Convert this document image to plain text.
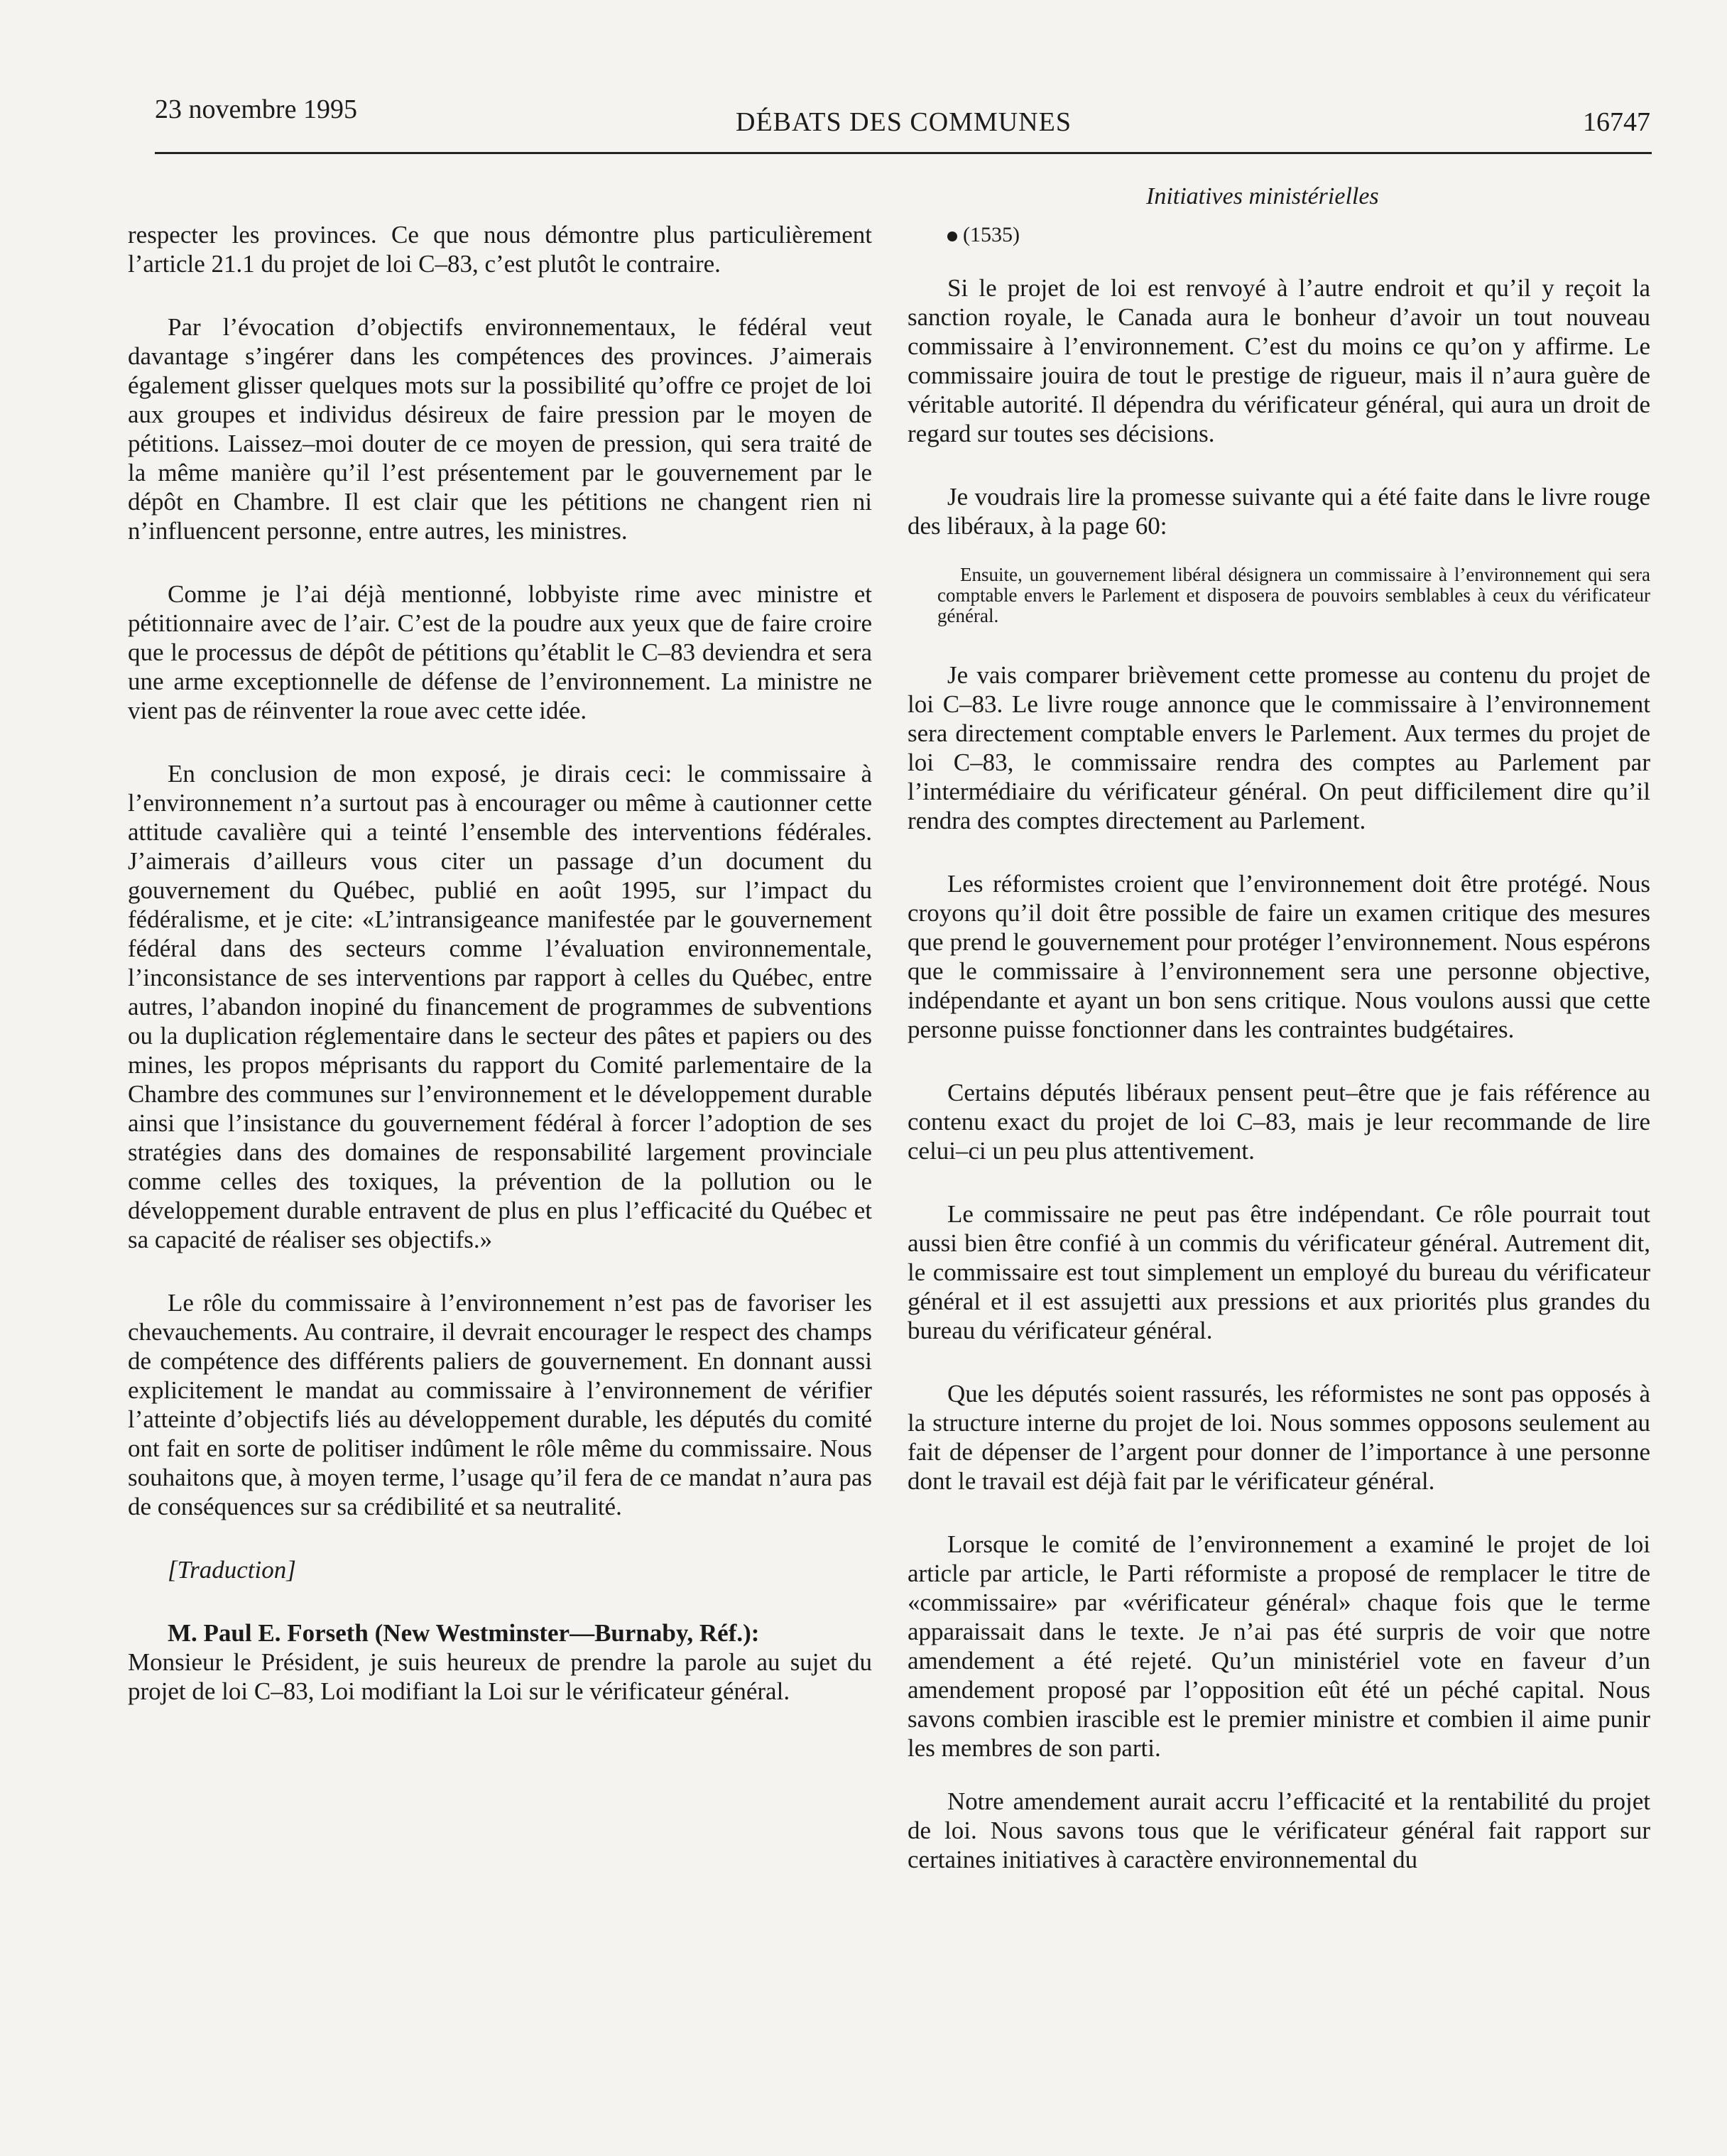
23 novembre 1995	DÉBATS DES COMMUNES	16747
Initiatives ministérielles

respecter les provinces. Ce que nous démontre plus particulièrement l’article 21.1 du projet de loi C–83, c’est plutôt le contraire.

Par l’évocation d’objectifs environnementaux, le fédéral veut davantage s’ingérer dans les compétences des provinces. J’aimerais également glisser quelques mots sur la possibilité qu’offre ce projet de loi aux groupes et individus désireux de faire pression par le moyen de pétitions. Laissez–moi douter de ce moyen de pression, qui sera traité de la même manière qu’il l’est présentement par le gouvernement par le dépôt en Chambre. Il est clair que les pétitions ne changent rien ni n’influencent personne, entre autres, les ministres.

Comme je l’ai déjà mentionné, lobbyiste rime avec ministre et pétitionnaire avec de l’air. C’est de la poudre aux yeux que de faire croire que le processus de dépôt de pétitions qu’établit le C–83 deviendra et sera une arme exceptionnelle de défense de l’environnement. La ministre ne vient pas de réinventer la roue avec cette idée.

En conclusion de mon exposé, je dirais ceci: le commissaire à l’environnement n’a surtout pas à encourager ou même à cautionner cette attitude cavalière qui a teinté l’ensemble des interventions fédérales. J’aimerais d’ailleurs vous citer un passage d’un document du gouvernement du Québec, publié en août 1995, sur l’impact du fédéralisme, et je cite: «L’intransigeance manifestée par le gouvernement fédéral dans des secteurs comme l’évaluation environnementale, l’inconsistance de ses interventions par rapport à celles du Québec, entre autres, l’abandon inopiné du financement de programmes de subventions ou la duplication réglementaire dans le secteur des pâtes et papiers ou des mines, les propos méprisants du rapport du Comité parlementaire de la Chambre des communes sur l’environnement et le développement durable ainsi que l’insistance du gouvernement fédéral à forcer l’adoption de ses stratégies dans des domaines de responsabilité largement provinciale comme celles des toxiques, la prévention de la pollution ou le développement durable entravent de plus en plus l’efficacité du Québec et sa capacité de réaliser ses objectifs.»

Le rôle du commissaire à l’environnement n’est pas de favoriser les chevauchements. Au contraire, il devrait encourager le respect des champs de compétence des différents paliers de gouvernement. En donnant aussi explicitement le mandat au commissaire à l’environnement de vérifier l’atteinte d’objectifs liés au développement durable, les députés du comité ont fait en sorte de politiser indûment le rôle même du commissaire. Nous souhaitons que, à moyen terme, l’usage qu’il fera de ce mandat n’aura pas de conséquences sur sa crédibilité et sa neutralité.

[Traduction]

M. Paul E. Forseth (New Westminster—Burnaby, Réf.):

Monsieur le Président, je suis heureux de prendre la parole au sujet du projet de loi C–83, Loi modifiant la Loi sur le vérificateur général.

(1535)

Si le projet de loi est renvoyé à l’autre endroit et qu’il y reçoit la sanction royale, le Canada aura le bonheur d’avoir un tout nouveau commissaire à l’environnement. C’est du moins ce qu’on y affirme. Le commissaire jouira de tout le prestige de rigueur, mais il n’aura guère de véritable autorité. Il dépendra du vérificateur général, qui aura un droit de regard sur toutes ses décisions.

Je voudrais lire la promesse suivante qui a été faite dans le livre rouge des libéraux, à la page 60:

Ensuite, un gouvernement libéral désignera un commissaire à l’environnement qui sera comptable envers le Parlement et disposera de pouvoirs semblables à ceux du vérificateur général.

Je vais comparer brièvement cette promesse au contenu du projet de loi C–83. Le livre rouge annonce que le commissaire à l’environnement sera directement comptable envers le Parlement. Aux termes du projet de loi C–83, le commissaire rendra des comptes au Parlement par l’intermédiaire du vérificateur général. On peut difficilement dire qu’il rendra des comptes directement au Parlement.

Les réformistes croient que l’environnement doit être protégé. Nous croyons qu’il doit être possible de faire un examen critique des mesures que prend le gouvernement pour protéger l’environnement. Nous espérons que le commissaire à l’environnement sera une personne objective, indépendante et ayant un bon sens critique. Nous voulons aussi que cette personne puisse fonctionner dans les contraintes budgétaires.

Certains députés libéraux pensent peut–être que je fais référence au contenu exact du projet de loi C–83, mais je leur recommande de lire celui–ci un peu plus attentivement.

Le commissaire ne peut pas être indépendant. Ce rôle pourrait tout aussi bien être confié à un commis du vérificateur général. Autrement dit, le commissaire est tout simplement un employé du bureau du vérificateur général et il est assujetti aux pressions et aux priorités plus grandes du bureau du vérificateur général.

Que les députés soient rassurés, les réformistes ne sont pas opposés à la structure interne du projet de loi. Nous sommes opposons seulement au fait de dépenser de l’argent pour donner de l’importance à une personne dont le travail est déjà fait par le vérificateur général.

Lorsque le comité de l’environnement a examiné le projet de loi article par article, le Parti réformiste a proposé de remplacer le titre de «commissaire» par «vérificateur général» chaque fois que le terme apparaissait dans le texte. Je n’ai pas été surpris de voir que notre amendement a été rejeté. Qu’un ministériel vote en faveur d’un amendement proposé par l’opposition eût été un péché capital. Nous savons combien irascible est le premier ministre et combien il aime punir les membres de son parti.

Notre amendement aurait accru l’efficacité et la rentabilité du projet de loi. Nous savons tous que le vérificateur général fait rapport sur certaines initiatives à caractère environnemental du
